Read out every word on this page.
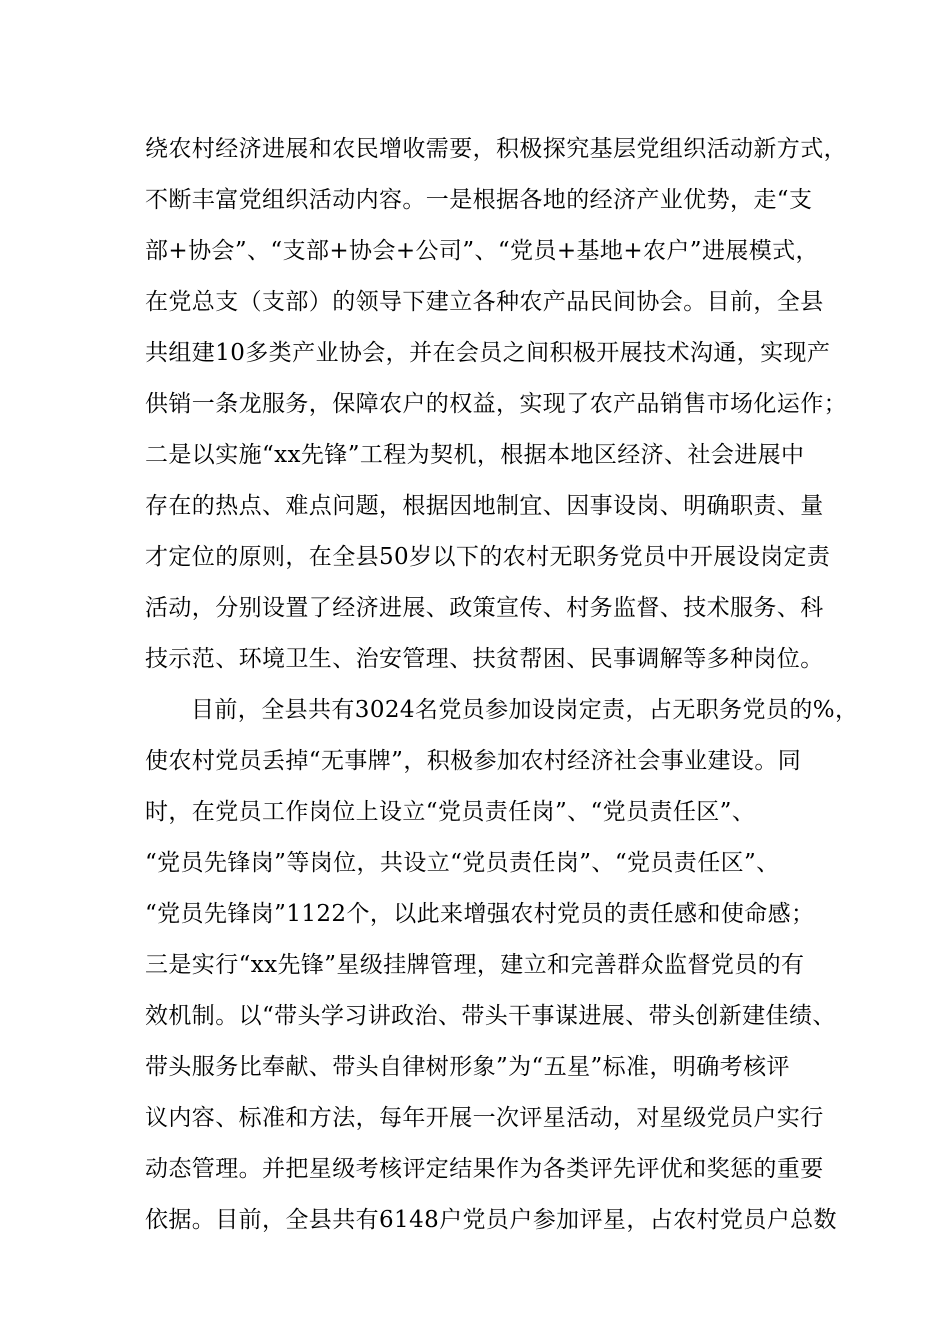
绕农村经济进展和农民增收需要，积极探究基层党组织活动新方式，
不断丰富党组织活动内容。一是根据各地的经济产业优势，走“支
部+协会”、“支部+协会+公司”、“党员+基地+农户”进展模式，
在党总支（支部）的领导下建立各种农产品民间协会。目前，全县
共组建10多类产业协会，并在会员之间积极开展技术沟通，实现产
供销一条龙服务，保障农户的权益，实现了农产品销售市场化运作；
二是以实施“xx先锋”工程为契机，根据本地区经济、社会进展中
存在的热点、难点问题，根据因地制宜、因事设岗、明确职责、量
才定位的原则，在全县50岁以下的农村无职务党员中开展设岗定责
活动，分别设置了经济进展、政策宣传、村务监督、技术服务、科
技示范、环境卫生、治安管理、扶贫帮困、民事调解等多种岗位。
目前，全县共有3024名党员参加设岗定责，占无职务党员的%，
使农村党员丢掉“无事牌”，积极参加农村经济社会事业建设。同
时，在党员工作岗位上设立“党员责任岗”、“党员责任区”、
“党员先锋岗”等岗位，共设立“党员责任岗”、“党员责任区”、
“党员先锋岗”1122个，以此来增强农村党员的责任感和使命感；
三是实行“xx先锋”星级挂牌管理，建立和完善群众监督党员的有
效机制。以“带头学习讲政治、带头干事谋进展、带头创新建佳绩、
带头服务比奉献、带头自律树形象”为“五星”标准，明确考核评
议内容、标准和方法，每年开展一次评星活动，对星级党员户实行
动态管理。并把星级考核评定结果作为各类评先评优和奖惩的重要
依据。目前，全县共有6148户党员户参加评星，占农村党员户总数
